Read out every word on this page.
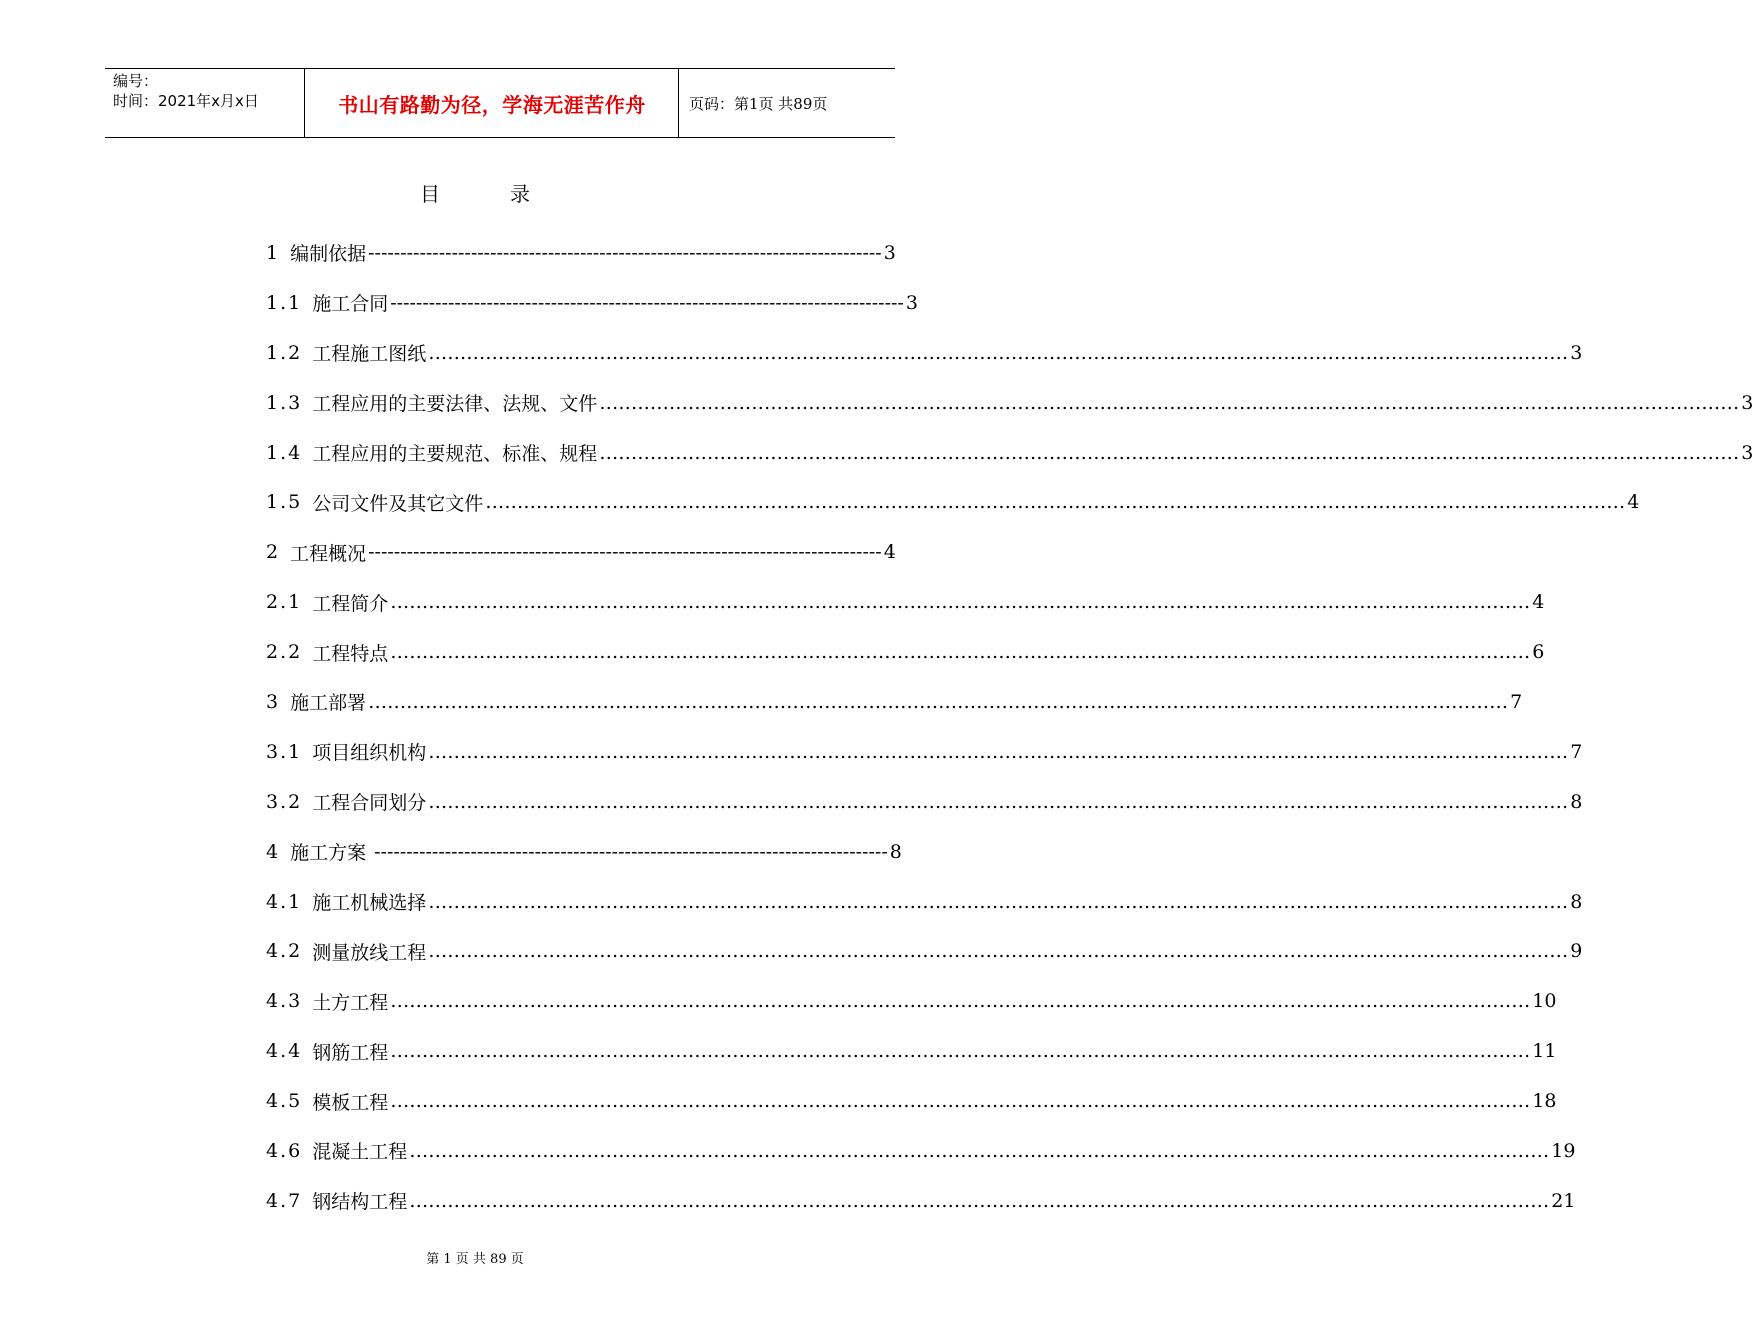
编号：
时间：2021年x月x日	书山有路勤为径，学海无涯苦作舟	页码：第1页 共89页
目	录
1 编制依据 -------------------------------------------------------------------------------- 3
1.1 施工合同 -------------------------------------------------------------------------------- 3
1.2 工程施工图纸 ……………………………………………………………………………………………………………………………………………………………… 3
1.3 工程应用的主要法律、法规、文件 ……………………………………………………………………………………………………………………………………………………………… 3
1.4 工程应用的主要规范、标准、规程 ……………………………………………………………………………………………………………………………………………………………… 3
1.5 公司文件及其它文件 ……………………………………………………………………………………………………………………………………………………………… 4
2 工程概况 -------------------------------------------------------------------------------- 4
2.1 工程简介 ……………………………………………………………………………………………………………………………………………………………… 4
2.2 工程特点 ……………………………………………………………………………………………………………………………………………………………… 6
3 施工部署 ……………………………………………………………………………………………………………………………………………………………… 7
3.1 项目组织机构 ……………………………………………………………………………………………………………………………………………………………… 7
3.2 工程合同划分 ……………………………………………………………………………………………………………………………………………………………… 8
4 施工方案 -------------------------------------------------------------------------------- 8
4.1 施工机械选择 ……………………………………………………………………………………………………………………………………………………………… 8
4.2 测量放线工程 ……………………………………………………………………………………………………………………………………………………………… 9
4.3 土方工程 ……………………………………………………………………………………………………………………………………………………………… 10
4.4 钢筋工程 ……………………………………………………………………………………………………………………………………………………………… 11
4.5 模板工程 ……………………………………………………………………………………………………………………………………………………………… 18
4.6 混凝土工程 ……………………………………………………………………………………………………………………………………………………………… 19
4.7 钢结构工程 ……………………………………………………………………………………………………………………………………………………………… 21
第 1 页 共 89 页
